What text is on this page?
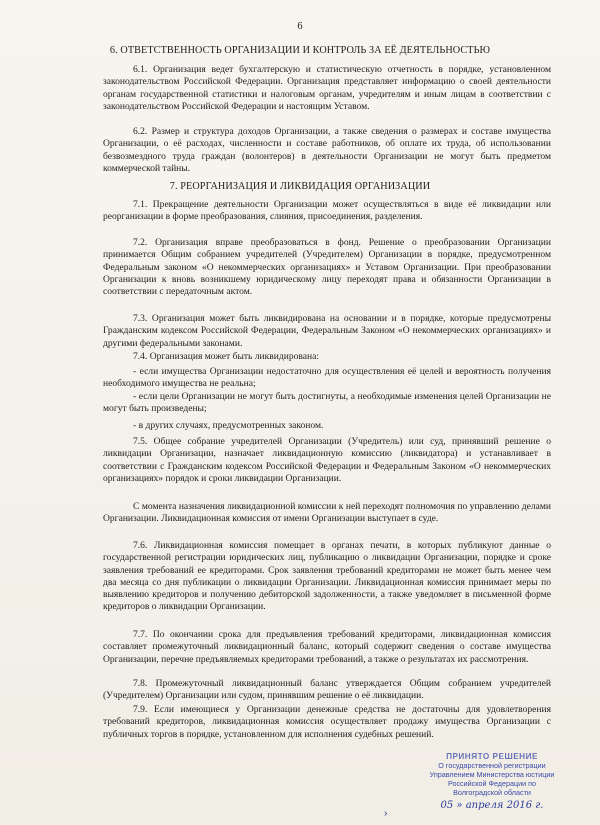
6
6. ОТВЕТСТВЕННОСТЬ ОРГАНИЗАЦИИ И КОНТРОЛЬ ЗА ЕЁ ДЕЯТЕЛЬНОСТЬЮ

6.1. Организация ведет бухгалтерскую и статистическую отчетность в порядке, установленном законодательством Российской Федерации. Организация представляет информацию о своей деятельности органам государственной статистики и налоговым органам, учредителям и иным лицам в соответствии с законодательством Российской Федерации и настоящим Уставом.

6.2. Размер и структура доходов Организации, а также сведения о размерах и составе имущества Организации, о её расходах, численности и составе работников, об оплате их труда, об использовании безвозмездного труда граждан (волонтеров) в деятельности Организации не могут быть предметом коммерческой тайны.

7. РЕОРГАНИЗАЦИЯ И ЛИКВИДАЦИЯ ОРГАНИЗАЦИИ

7.1. Прекращение деятельности Организации может осуществляться в виде её ликвидации или реорганизации в форме преобразования, слияния, присоединения, разделения.

7.2. Организация вправе преобразоваться в фонд. Решение о преобразовании Организации принимается Общим собранием учредителей (Учредителем) Организации в порядке, предусмотренном Федеральным законом «О некоммерческих организациях» и Уставом Организации. При преобразовании Организации к вновь возникшему юридическому лицу переходят права и обязанности Организации в соответствии с передаточным актом.

7.3. Организация может быть ликвидирована на основании и в порядке, которые предусмотрены Гражданским кодексом Российской Федерации, Федеральным Законом «О некоммерческих организациях» и другими федеральными законами.

7.4. Организация может быть ликвидирована:

- если имущества Организации недостаточно для осуществления её целей и вероятность получения необходимого имущества не реальна;

- если цели Организации не могут быть достигнуты, а необходимые изменения целей Организации не могут быть произведены;

- в других случаях, предусмотренных законом.

7.5. Общее собрание учредителей Организации (Учредитель) или суд, принявший решение о ликвидации Организации, назначает ликвидационную комиссию (ликвидатора) и устанавливает в соответствии с Гражданским кодексом Российской Федерации и Федеральным Законом «О некоммерческих организациях» порядок и сроки ликвидации Организации.

С момента назначения ликвидационной комиссии к ней переходят полномочия по управлению делами Организации. Ликвидационная комиссия от имени Организации выступает в суде.

7.6. Ликвидационная комиссия помещает в органах печати, в которых публикуют данные о государственной регистрации юридических лиц, публикацию о ликвидации Организации, порядке и сроке заявления требований ее кредиторами. Срок заявления требований кредиторами не может быть менее чем два месяца со дня публикации о ликвидации Организации. Ликвидационная комиссия принимает меры по выявлению кредиторов и получению дебиторской задолженности, а также уведомляет в письменной форме кредиторов о ликвидации Организации.

7.7. По окончании срока для предъявления требований кредиторами, ликвидационная комиссия составляет промежуточный ликвидационный баланс, который содержит сведения о составе имущества Организации, перечне предъявляемых кредиторами требований, а также о результатах их рассмотрения.

7.8. Промежуточный ликвидационный баланс утверждается Общим собранием учредителей (Учредителем) Организации или судом, принявшим решение о её ликвидации.

7.9. Если имеющиеся у Организации денежные средства не достаточны для удовлетворения требований кредиторов, ликвидационная комиссия осуществляет продажу имущества Организации с публичных торгов в порядке, установленном для исполнения судебных решений.

ПРИНЯТО РЕШЕНИЕ
О государственной регистрации
Управлением Министерства юстиции
Российской Федерации по
Волгоградской области
05 » апреля 2016 г.
›
